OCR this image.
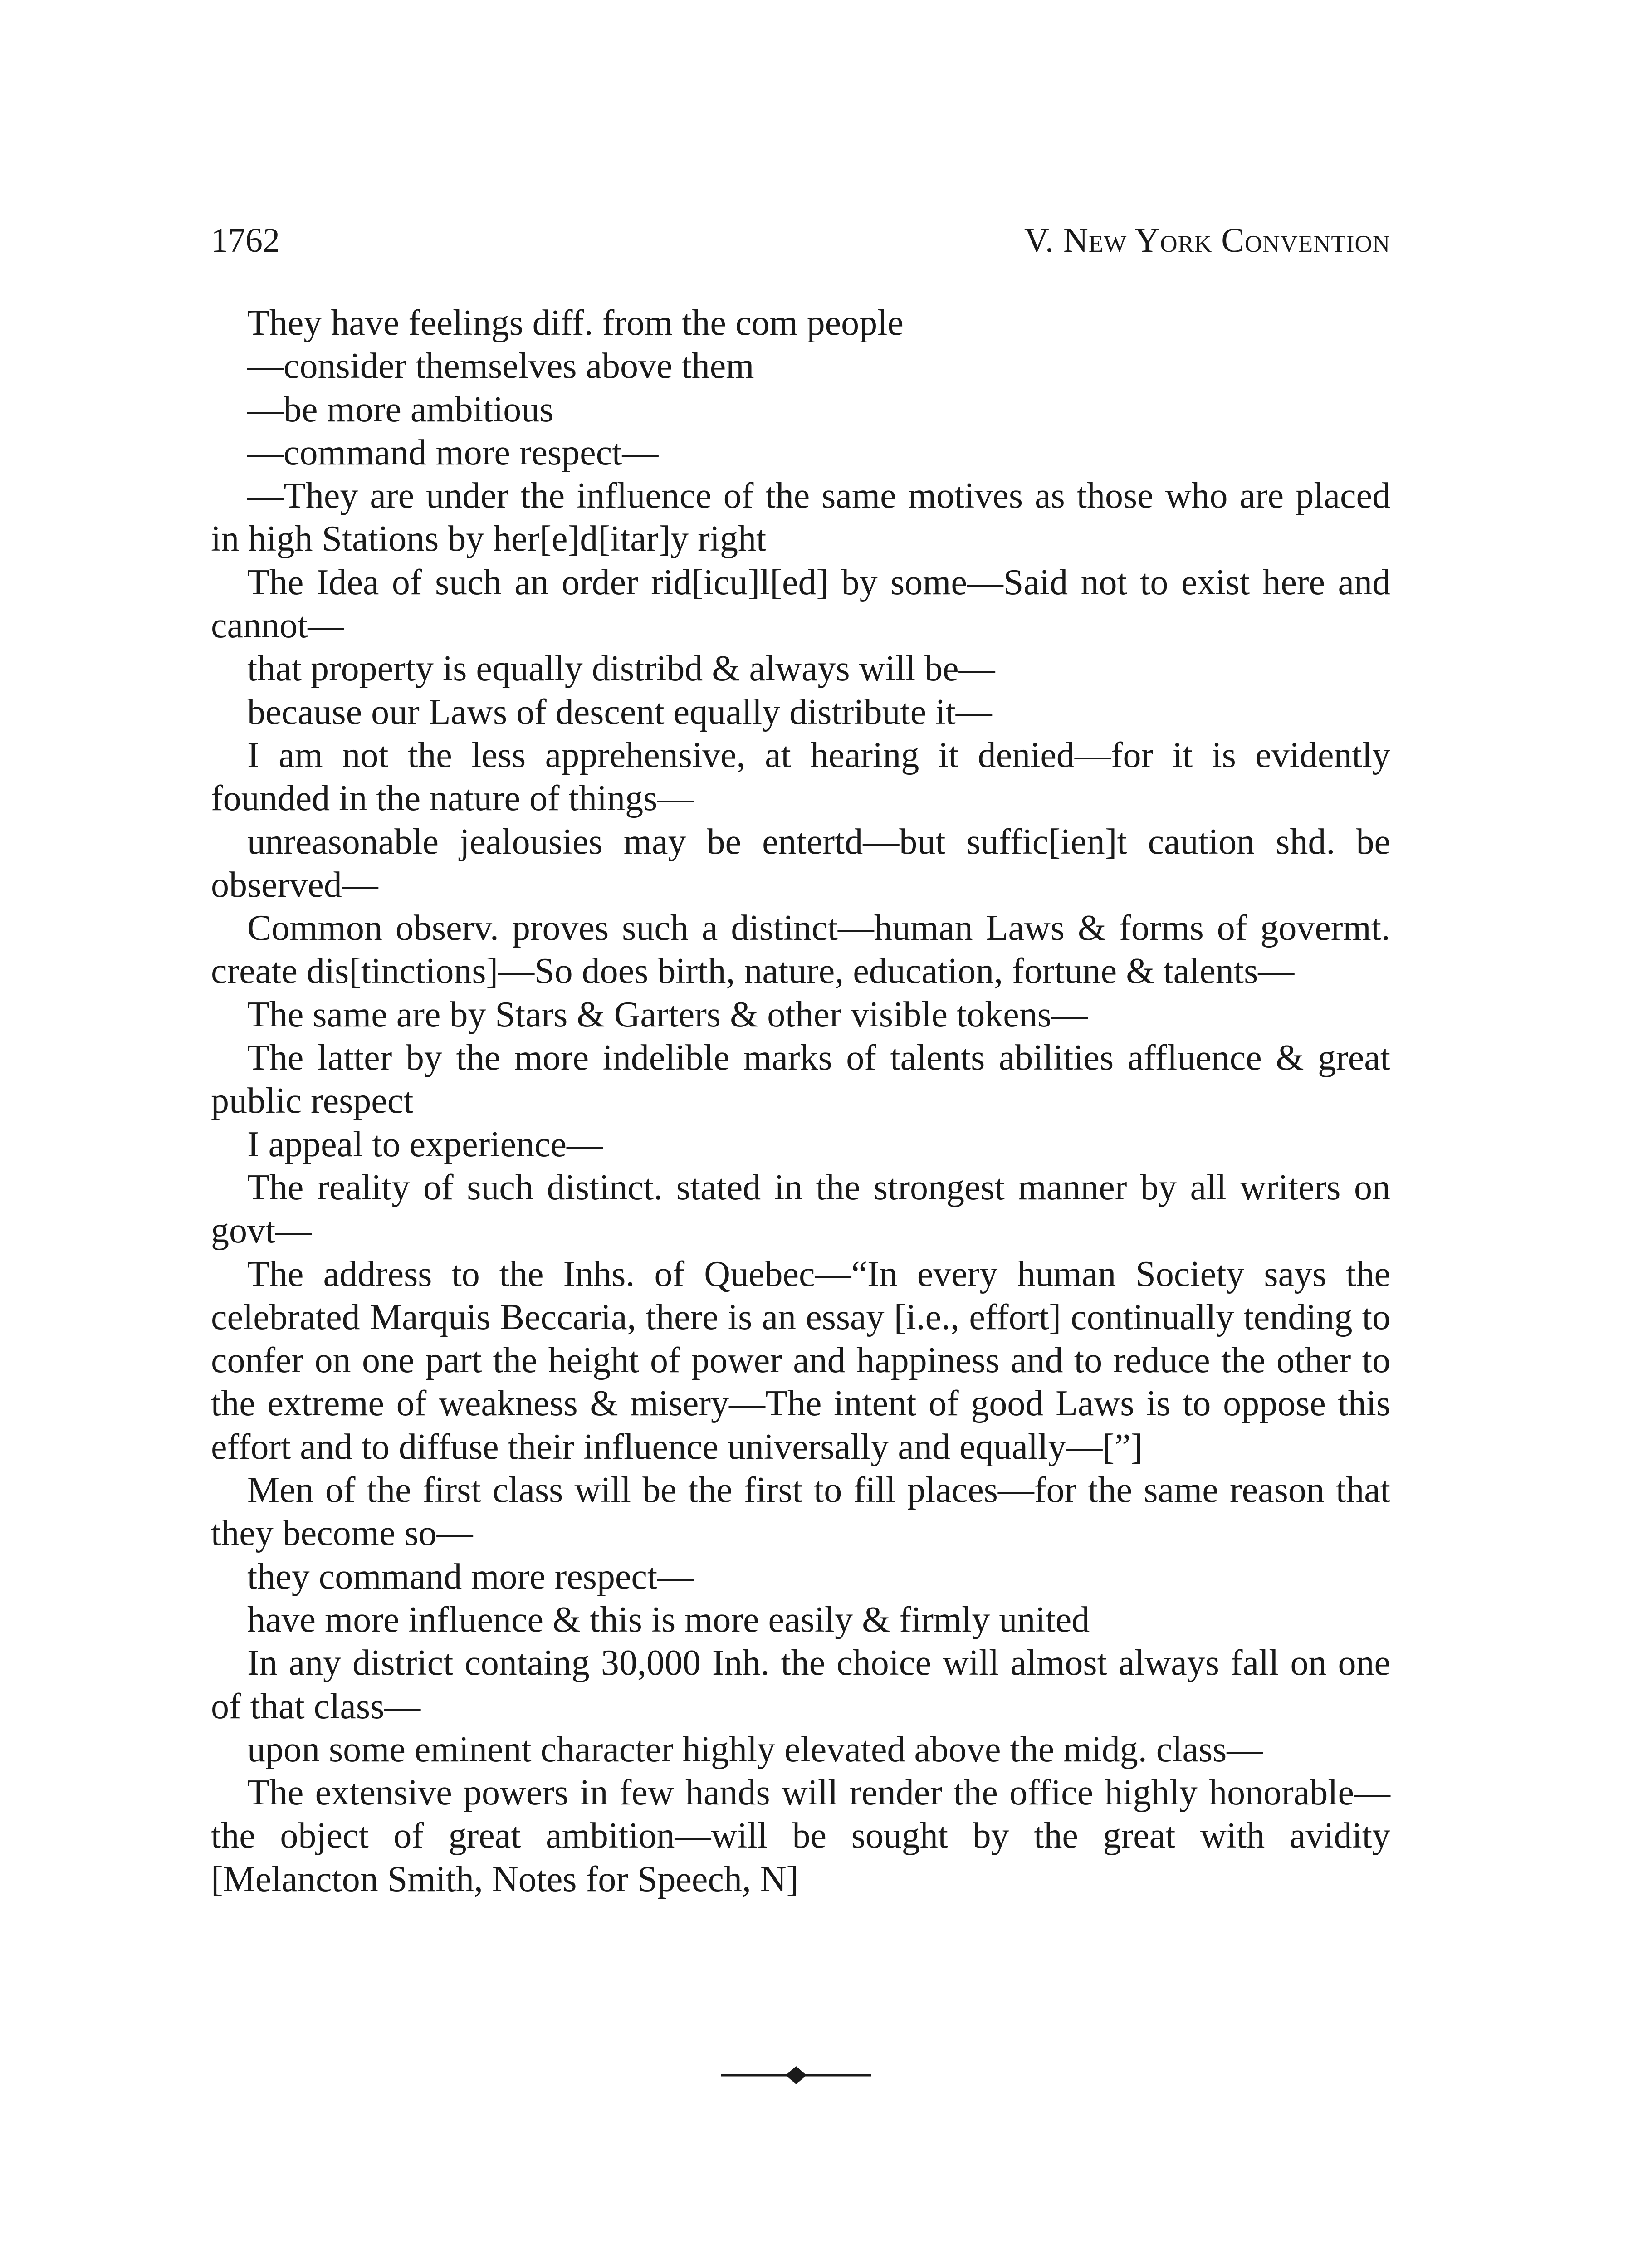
1762	V. New York Convention

They have feelings diff. from the com people

—consider themselves above them

—be more ambitious

—command more respect—

—They are under the influence of the same motives as those who are placed in high Stations by her[e]d[itar]y right

The Idea of such an order rid[icu]l[ed] by some—Said not to exist here and cannot—

that property is equally distribd & always will be—

because our Laws of descent equally distribute it—

I am not the less apprehensive, at hearing it denied—for it is evidently founded in the nature of things—

unreasonable jealousies may be entertd—but suffic[ien]t caution shd. be observed—

Common observ. proves such a distinct—human Laws & forms of govermt. create dis[tinctions]—So does birth, nature, education, fortune & talents—

The same are by Stars & Garters & other visible tokens—

The latter by the more indelible marks of talents abilities affluence & great public respect

I appeal to experience—

The reality of such distinct. stated in the strongest manner by all writers on govt—

The address to the Inhs. of Quebec—“In every human Society says the celebrated Marquis Beccaria, there is an essay [i.e., effort] continually tending to confer on one part the height of power and happiness and to reduce the other to the extreme of weakness & misery—The intent of good Laws is to oppose this effort and to diffuse their influence universally and equally—[”]

Men of the first class will be the first to fill places—for the same reason that they become so—

they command more respect—

have more influence & this is more easily & firmly united

In any district containg 30,000 Inh. the choice will almost always fall on one of that class—

upon some eminent character highly elevated above the midg. class—

The extensive powers in few hands will render the office highly honorable—the object of great ambition—will be sought by the great with avidity [Melancton Smith, Notes for Speech, N]
